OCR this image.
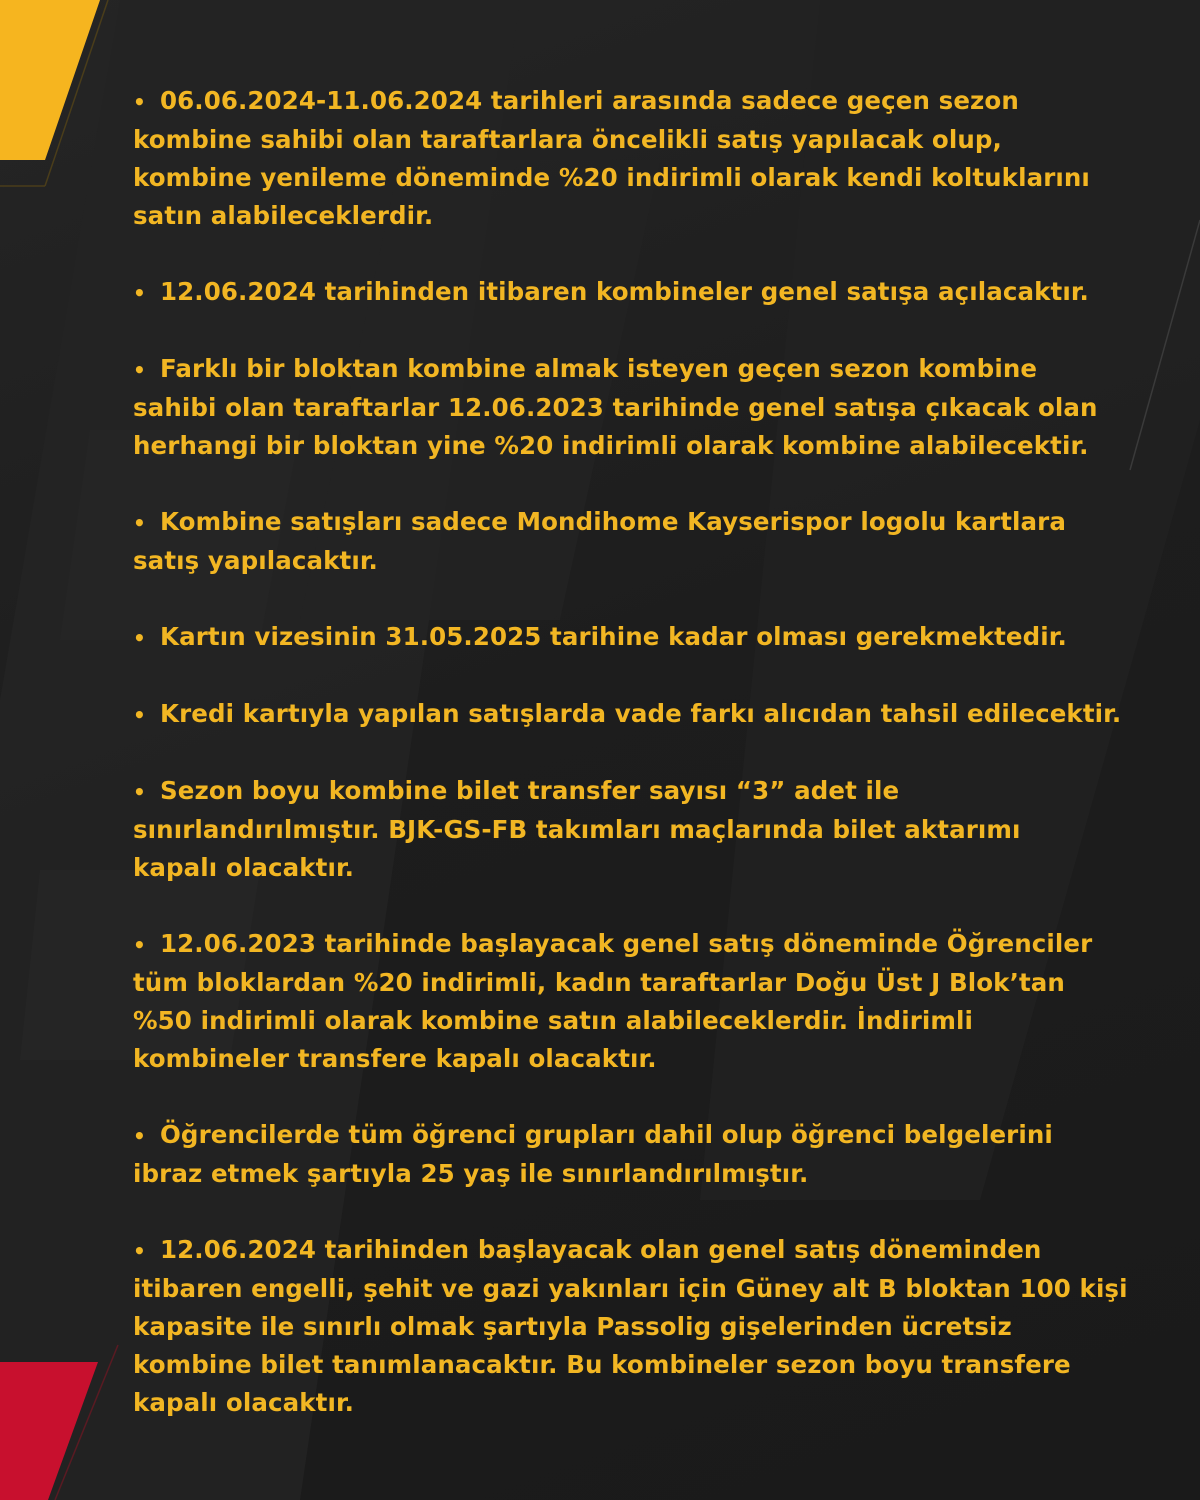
• 06.06.2024-11.06.2024 tarihleri arasında sadece geçen sezon
kombine sahibi olan taraftarlara öncelikli satış yapılacak olup,
kombine yenileme döneminde %20 indirimli olarak kendi koltuklarını
satın alabileceklerdir.
• 12.06.2024 tarihinden itibaren kombineler genel satışa açılacaktır.
• Farklı bir bloktan kombine almak isteyen geçen sezon kombine
sahibi olan taraftarlar 12.06.2023 tarihinde genel satışa çıkacak olan
herhangi bir bloktan yine %20 indirimli olarak kombine alabilecektir.
• Kombine satışları sadece Mondihome Kayserispor logolu kartlara
satış yapılacaktır.
• Kartın vizesinin 31.05.2025 tarihine kadar olması gerekmektedir.
• Kredi kartıyla yapılan satışlarda vade farkı alıcıdan tahsil edilecektir.
• Sezon boyu kombine bilet transfer sayısı “3” adet ile
sınırlandırılmıştır. BJK-GS-FB takımları maçlarında bilet aktarımı
kapalı olacaktır.
• 12.06.2023 tarihinde başlayacak genel satış döneminde Öğrenciler
tüm bloklardan %20 indirimli, kadın taraftarlar Doğu Üst J Blok’tan
%50 indirimli olarak kombine satın alabileceklerdir. İndirimli
kombineler transfere kapalı olacaktır.
• Öğrencilerde tüm öğrenci grupları dahil olup öğrenci belgelerini
ibraz etmek şartıyla 25 yaş ile sınırlandırılmıştır.
• 12.06.2024 tarihinden başlayacak olan genel satış döneminden
itibaren engelli, şehit ve gazi yakınları için Güney alt B bloktan 100 kişi
kapasite ile sınırlı olmak şartıyla Passolig gişelerinden ücretsiz
kombine bilet tanımlanacaktır. Bu kombineler sezon boyu transfere
kapalı olacaktır.
